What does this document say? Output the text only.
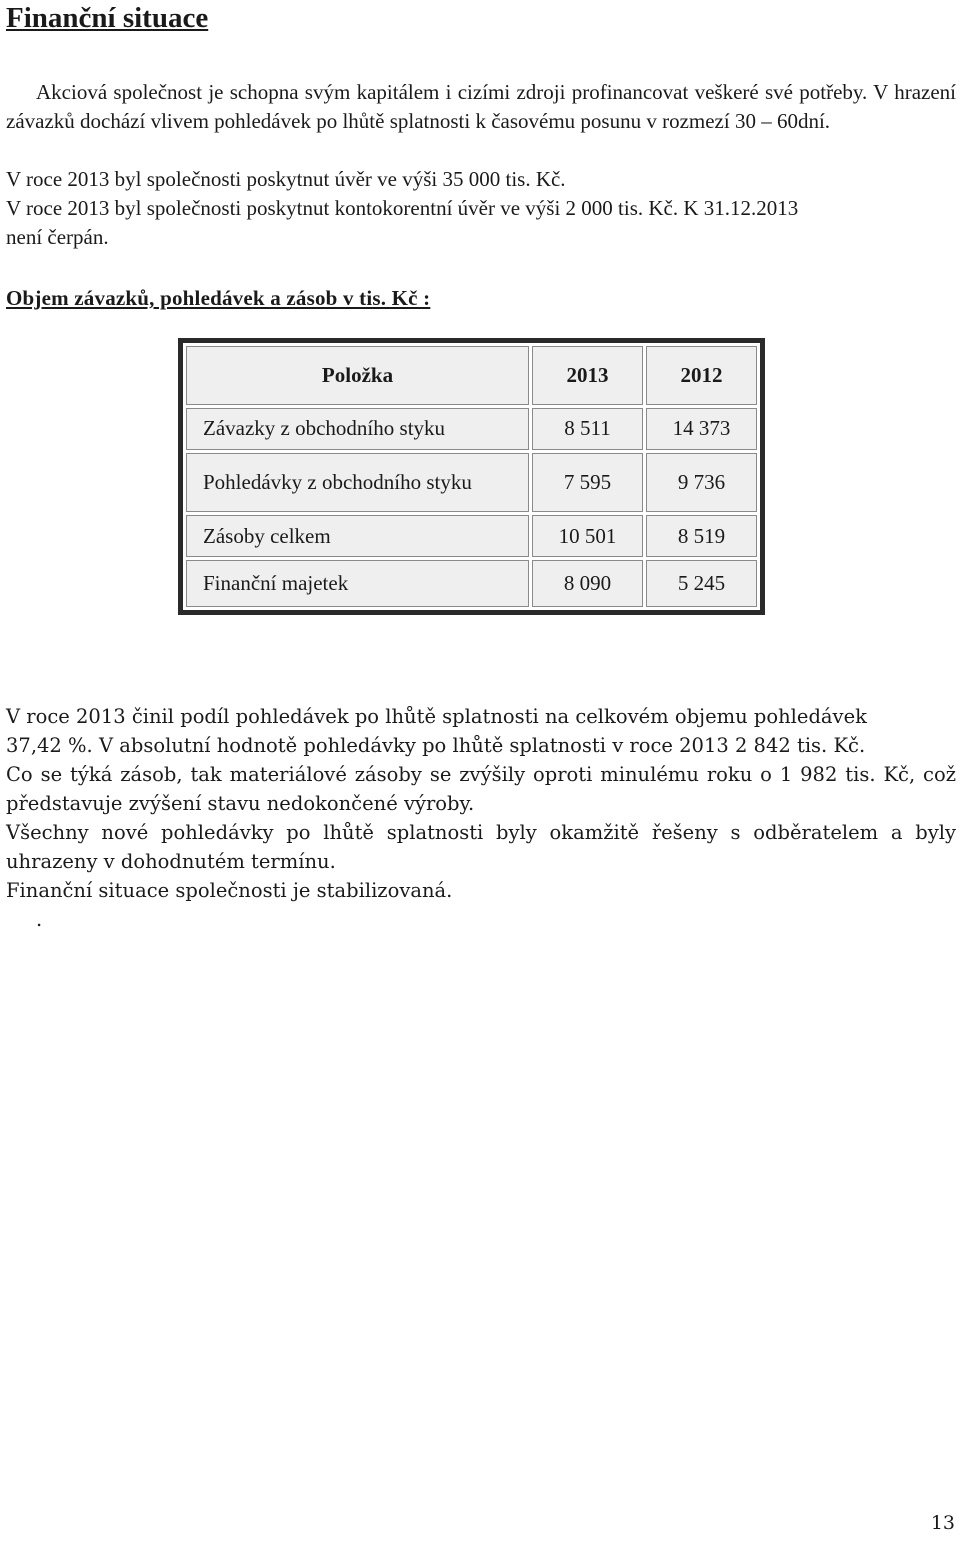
Finanční situace

Akciová společnost je schopna svým kapitálem i cizími zdroji profinancovat veškeré své potřeby. V hrazení závazků dochází vlivem pohledávek po lhůtě splatnosti k časovému posunu v rozmezí 30 – 60dní.

V roce 2013 byl společnosti poskytnut úvěr ve výši 35 000 tis. Kč.

V roce 2013 byl společnosti poskytnut kontokorentní úvěr ve výši 2 000 tis. Kč. K 31.12.2013

není čerpán.

Objem závazků, pohledávek a zásob v tis. Kč :

Položka	2013	2012
Závazky z obchodního styku	8 511	14 373
Pohledávky z obchodního styku	7 595	9 736
Zásoby celkem	10 501	8 519
Finanční majetek	8 090	5 245

V roce 2013 činil podíl pohledávek po lhůtě splatnosti na celkovém objemu pohledávek

37,42 %. V absolutní hodnotě pohledávky po lhůtě splatnosti v roce 2013 2 842 tis. Kč.

Co se týká zásob, tak materiálové zásoby se zvýšily oproti minulému roku o 1 982 tis. Kč, což představuje zvýšení stavu nedokončené výroby.

Všechny nové pohledávky po lhůtě splatnosti byly okamžitě řešeny s odběratelem a byly uhrazeny v dohodnutém termínu.

Finanční situace společnosti je stabilizovaná.

.

13
